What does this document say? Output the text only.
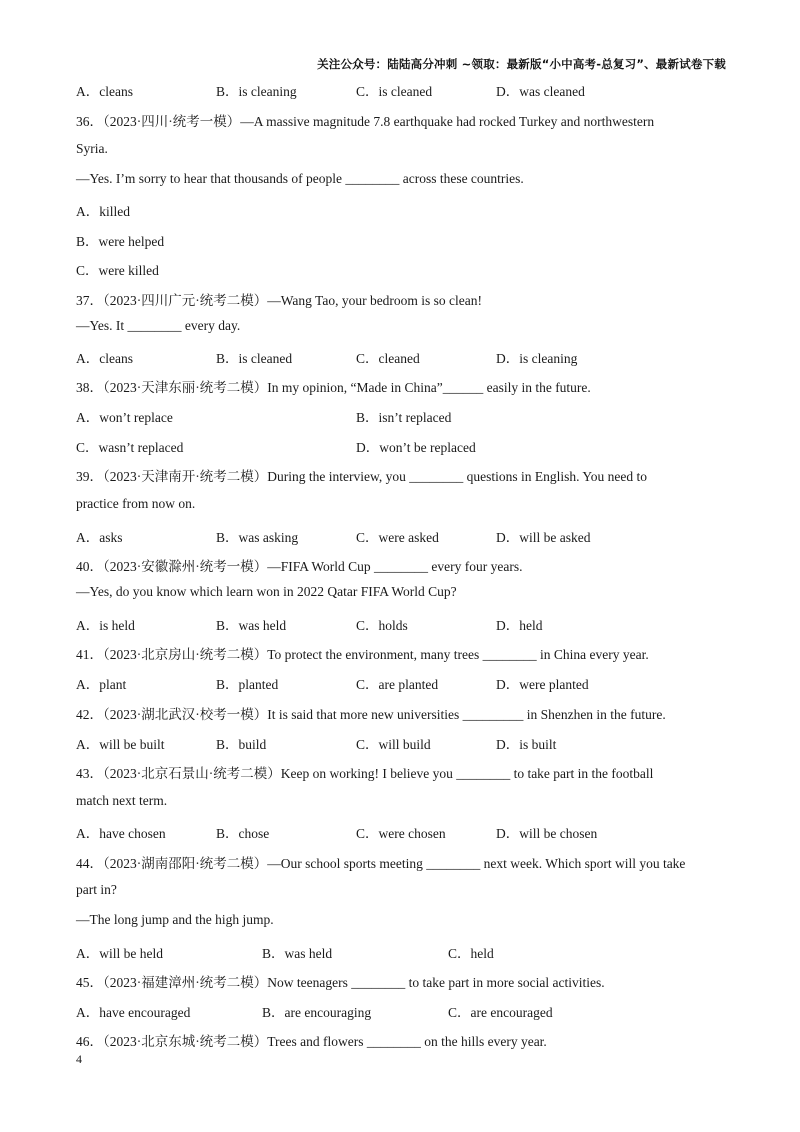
关注公众号：陆陆高分冲刺 ~领取：最新版“小中高考-总复习”、最新试卷下载
A．cleans	B．is cleaning	C．is cleaned	D．was cleaned
36．（2023·四川·统考一模）—A massive magnitude 7.8 earthquake had rocked Turkey and northwestern
Syria.
—Yes. I’m sorry to hear that thousands of people ________ across these countries.
A．killed
B．were helped
C．were killed
37．（2023·四川广元·统考二模）—Wang Tao, your bedroom is so clean!
—Yes. It ________ every day.
A．cleans	B．is cleaned	C．cleaned	D．is cleaning
38．（2023·天津东丽·统考二模）In my opinion, “Made in China”______ easily in the future.
A．won’t replace	B．isn’t replaced
C．wasn’t replaced	D．won’t be replaced
39．（2023·天津南开·统考二模）During the interview, you ________ questions in English. You need to
practice from now on.
A．asks	B．was asking	C．were asked	D．will be asked
40．（2023·安徽滁州·统考一模）—FIFA World Cup ________ every four years.
—Yes, do you know which learn won in 2022 Qatar FIFA World Cup?
A．is held	B．was held	C．holds	D．held
41．（2023·北京房山·统考二模）To protect the environment, many trees ________ in China every year.
A．plant	B．planted	C．are planted	D．were planted
42．（2023·湖北武汉·校考一模）It is said that more new universities _________ in Shenzhen in the future.
A．will be built	B．build	C．will build	D．is built
43．（2023·北京石景山·统考二模）Keep on working! I believe you ________ to take part in the football
match next term.
A．have chosen	B．chose	C．were chosen	D．will be chosen
44．（2023·湖南邵阳·统考二模）—Our school sports meeting ________ next week. Which sport will you take
part in?
—The long jump and the high jump.
A．will be held	B．was held	C．held
45．（2023·福建漳州·统考二模）Now teenagers ________ to take part in more social activities.
A．have encouraged	B．are encouraging	C．are encouraged
46．（2023·北京东城·统考二模）Trees and flowers ________ on the hills every year.
4
